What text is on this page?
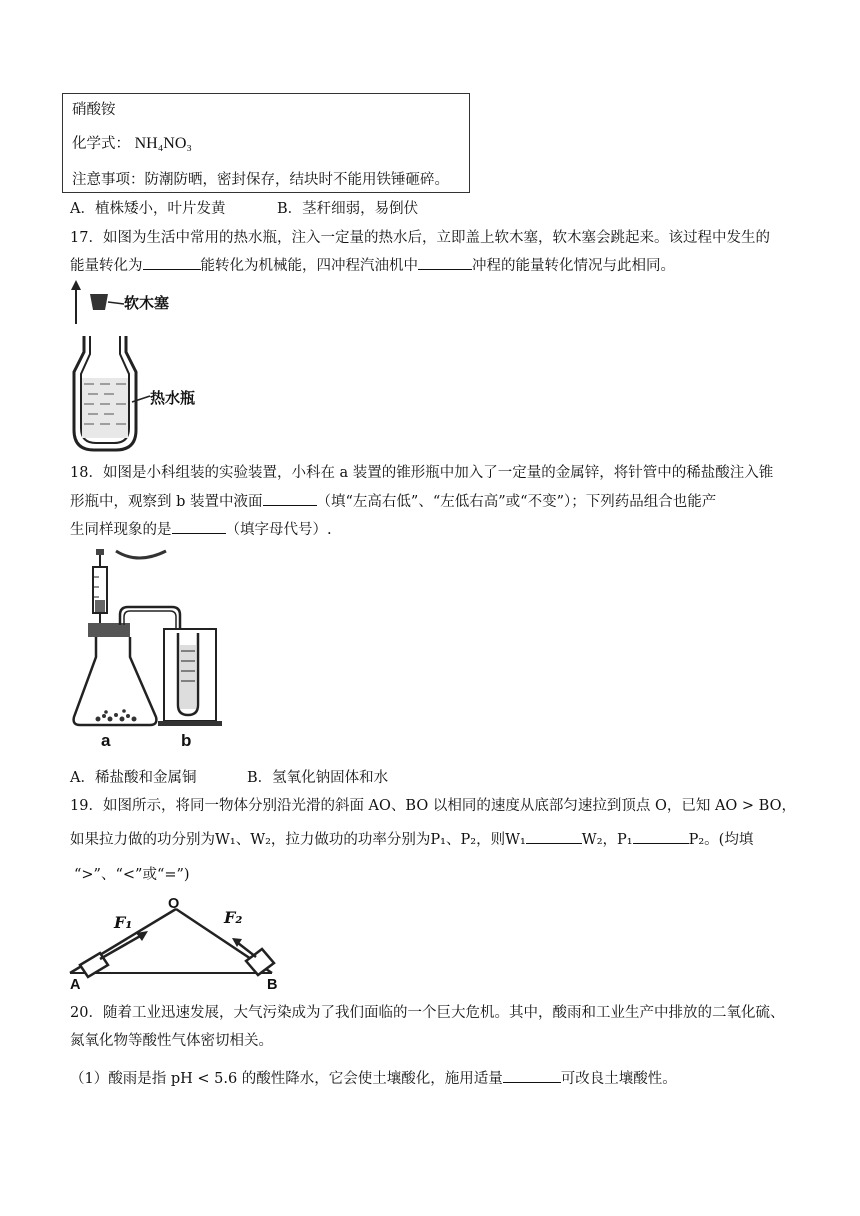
硝酸铵
化学式： NH₄NO₃
注意事项：防潮防晒，密封保存，结块时不能用铁锤砸碎。
A．植株矮小，叶片发黄	B．茎秆细弱，易倒伏
17．如图为生活中常用的热水瓶，注入一定量的热水后，立即盖上软木塞，软木塞会跳起来。该过程中发生的
能量转化为	能转化为机械能，四冲程汽油机中	冲程的能量转化情况与此相同。
软木塞
热水瓶
18．如图是小科组装的实验装置，小科在 a 装置的锥形瓶中加入了一定量的金属锌，将针管中的稀盐酸注入锥
形瓶中，观察到 b 装置中液面	（填“左高右低”、“左低右高”或“不变”）；下列药品组合也能产
生同样现象的是	（填字母代号）.
a	b
A．稀盐酸和金属铜	B．氢氧化钠固体和水
19．如图所示，将同一物体分别沿光滑的斜面 AO、BO 以相同的速度从底部匀速拉到顶点 O，已知 AO > BO，
如果拉力做的功分别为W₁、W₂，拉力做功的功率分别为P₁、P₂，则W₁	W₂，P₁	P₂。(均填
“>”、“<”或“=”)
O
F₁	F₂
A	B
20．随着工业迅速发展，大气污染成为了我们面临的一个巨大危机。其中，酸雨和工业生产中排放的二氧化硫、
氮氧化物等酸性气体密切相关。
（1）酸雨是指 pH < 5.6 的酸性降水，它会使土壤酸化，施用适量	可改良土壤酸性。
